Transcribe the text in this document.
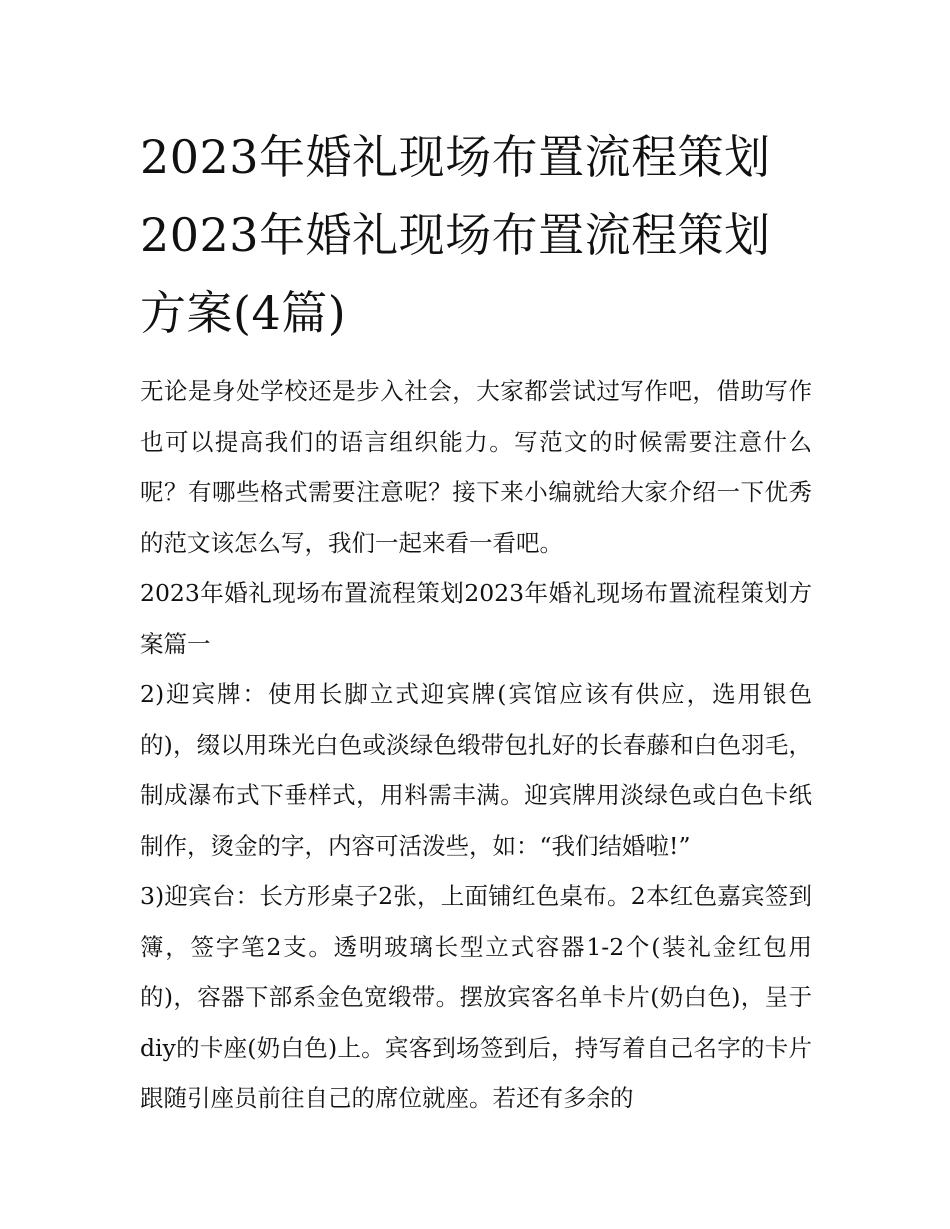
2023年婚礼现场布置流程策划2023年婚礼现场布置流程策划方案(4篇)

无论是身处学校还是步入社会，大家都尝试过写作吧，借助写作也可以提高我们的语言组织能力。写范文的时候需要注意什么呢？有哪些格式需要注意呢？接下来小编就给大家介绍一下优秀的范文该怎么写，我们一起来看一看吧。

2023年婚礼现场布置流程策划2023年婚礼现场布置流程策划方案篇一

2)迎宾牌：使用长脚立式迎宾牌(宾馆应该有供应，选用银色的)，缀以用珠光白色或淡绿色缎带包扎好的长春藤和白色羽毛，制成瀑布式下垂样式，用料需丰满。迎宾牌用淡绿色或白色卡纸制作，烫金的字，内容可活泼些，如：“我们结婚啦!”

3)迎宾台：长方形桌子2张，上面铺红色桌布。2本红色嘉宾签到簿，签字笔2支。透明玻璃长型立式容器1-2个(装礼金红包用的)，容器下部系金色宽缎带。摆放宾客名单卡片(奶白色)，呈于diy的卡座(奶白色)上。宾客到场签到后，持写着自己名字的卡片跟随引座员前往自己的席位就座。若还有多余的
